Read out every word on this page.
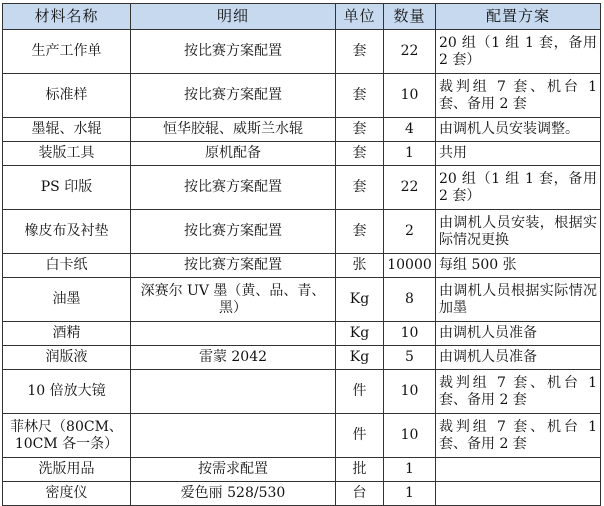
材料名称	明细	单位	数量	配置方案
生产工作单	按比赛方案配置	套	22	20 组（1 组 1 套，备用 2 套）
标准样	按比赛方案配置	套	10	裁判组 7 套、机台 1 套、备用 2 套
墨辊、水辊	恒华胶辊、威斯兰水辊	套	4	由调机人员安装调整。
装版工具	原机配备	套	1	共用
PS 印版	按比赛方案配置	套	22	20 组（1 组 1 套，备用 2 套）
橡皮布及衬垫	按比赛方案配置	套	2	由调机人员安装，根据实际情况更换
白卡纸	按比赛方案配置	张	10000	每组 500 张
油墨	深赛尔 UV 墨（黄、品、青、黑）	Kg	8	由调机人员根据实际情况加墨
酒精		Kg	10	由调机人员准备
润版液	雷蒙 2042	Kg	5	由调机人员准备
10 倍放大镜		件	10	裁判组 7 套、机台 1 套、备用 2 套
菲林尺（80CM、10CM 各一条）		件	10	裁判组 7 套、机台 1 套、备用 2 套
洗版用品	按需求配置	批	1	
密度仪	爱色丽 528/530	台	1	
